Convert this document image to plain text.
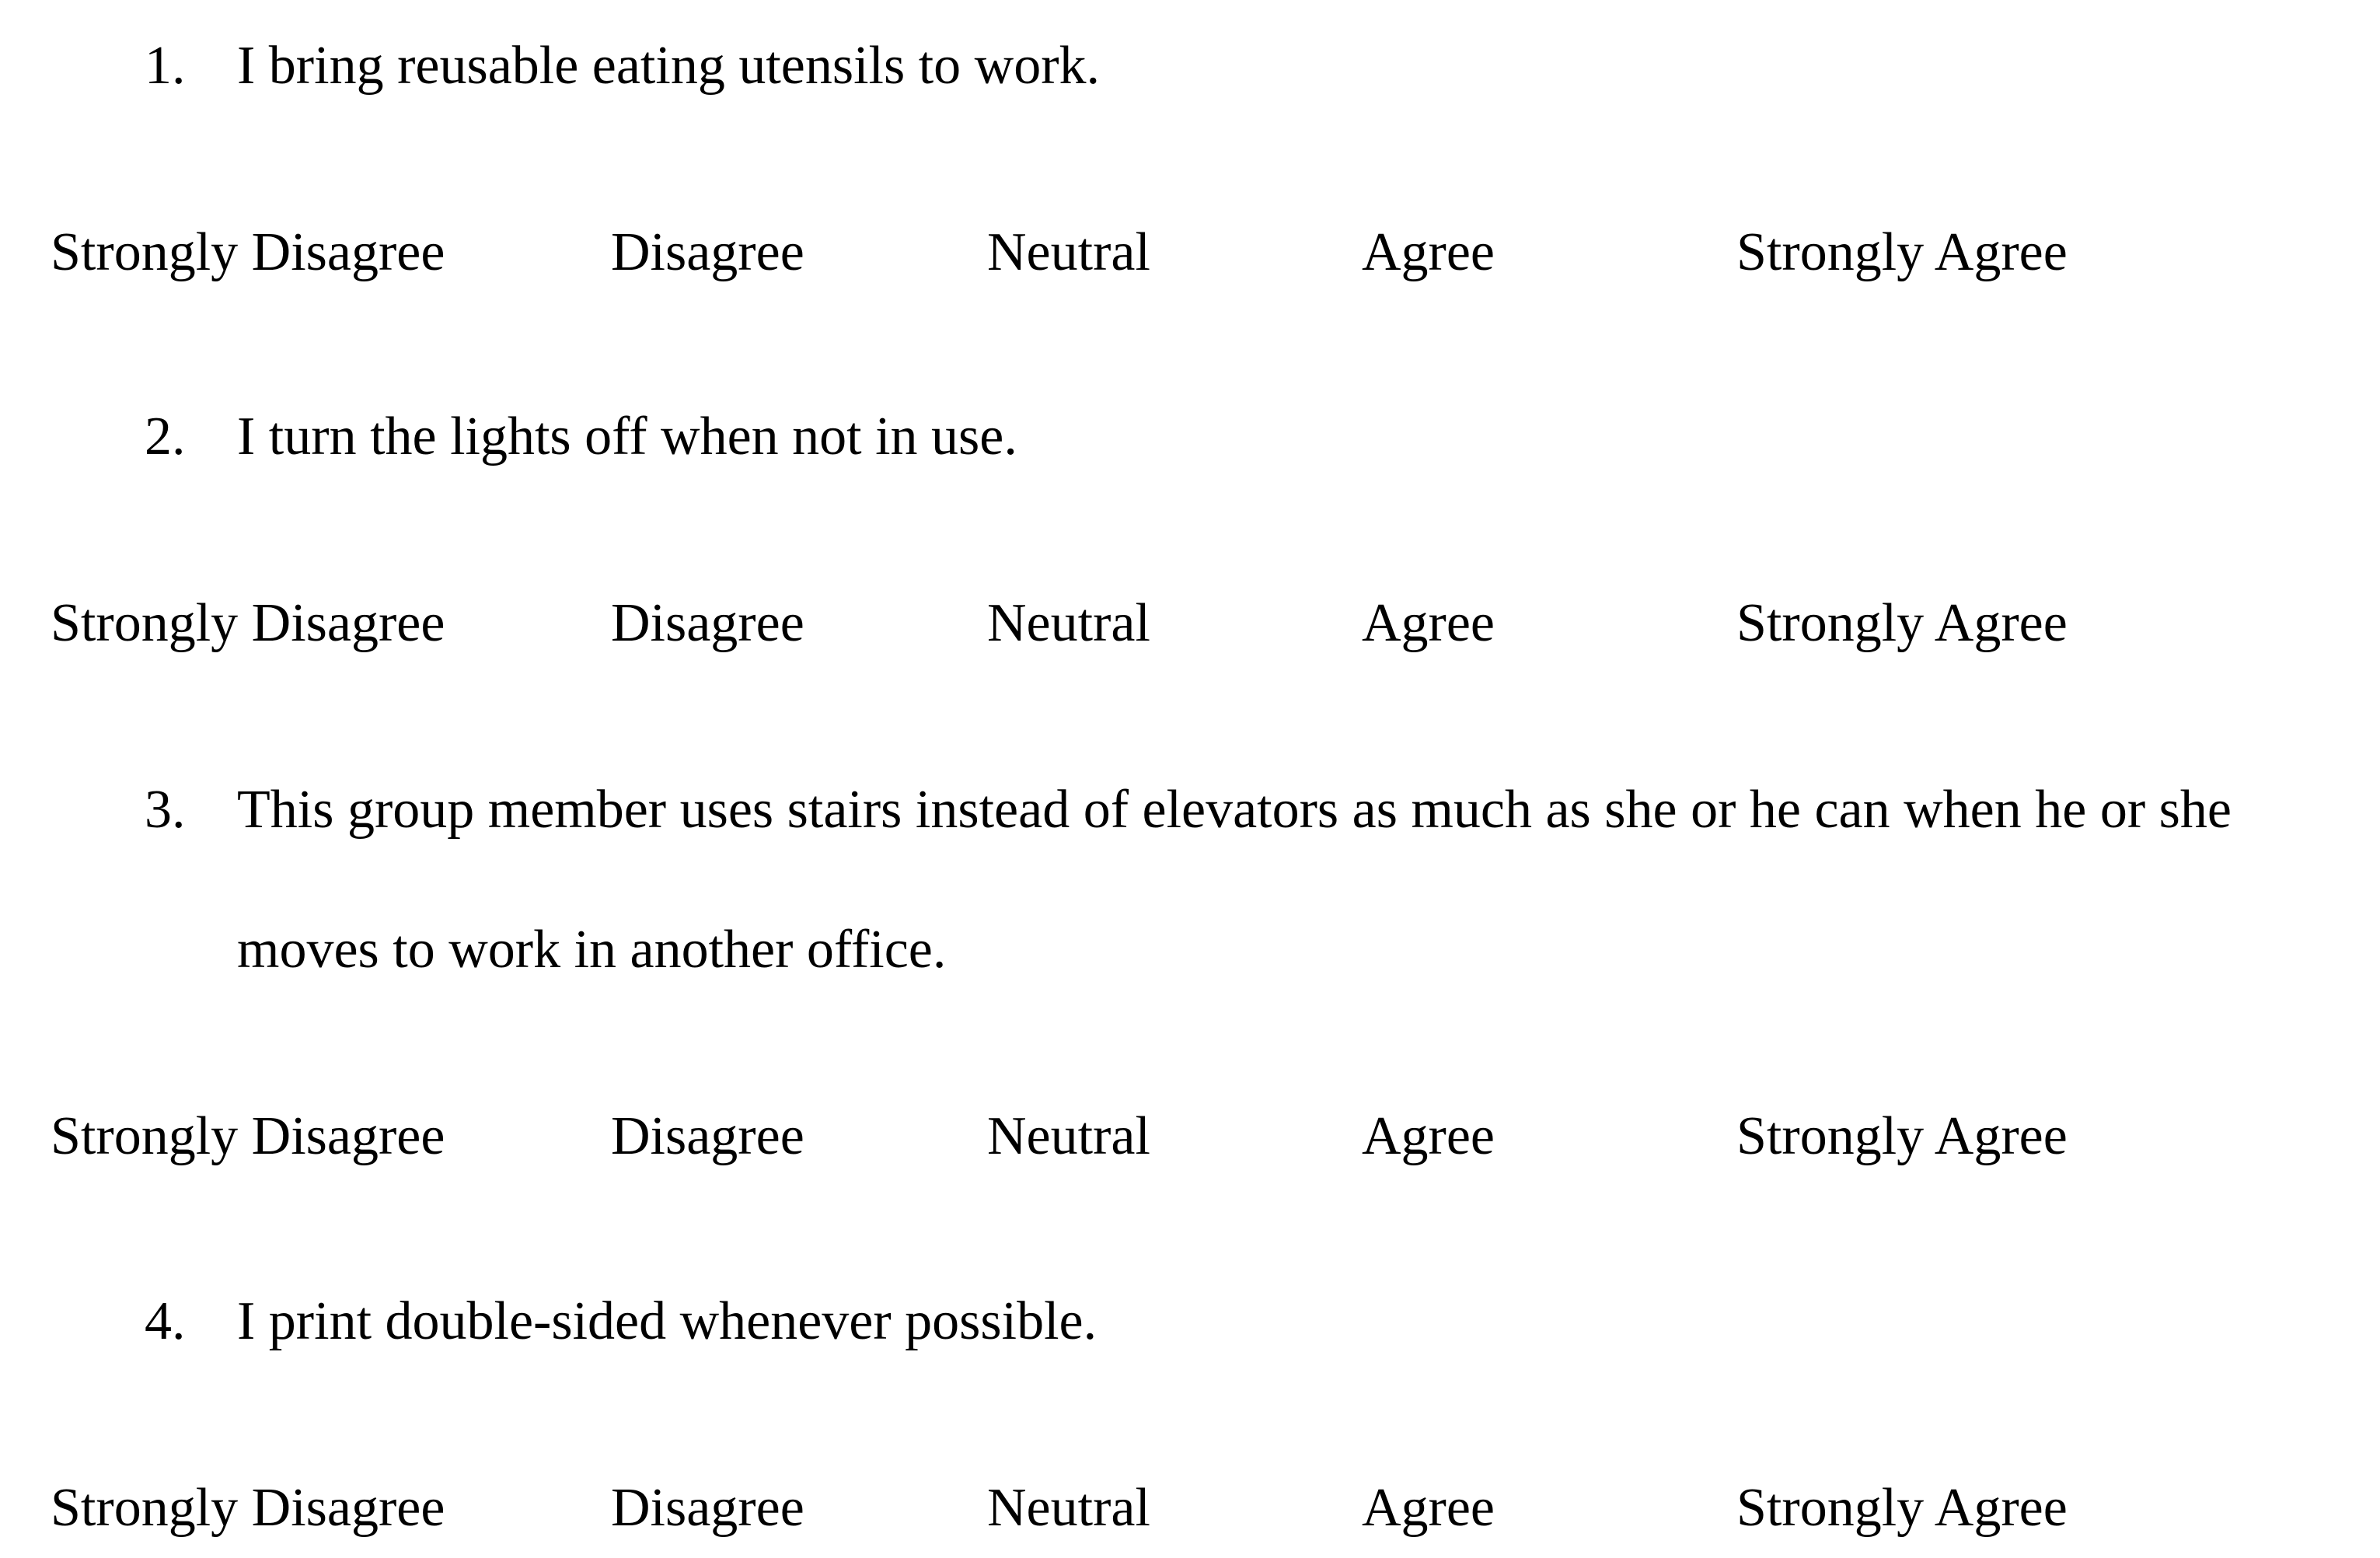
1. I bring reusable eating utensils to work.
Strongly Disagree	Disagree	Neutral	Agree	Strongly Agree
2. I turn the lights off when not in use.
Strongly Disagree	Disagree	Neutral	Agree	Strongly Agree
3. This group member uses stairs instead of elevators as much as she or he can when he or she moves to work in another office.
Strongly Disagree	Disagree	Neutral	Agree	Strongly Agree
4. I print double-sided whenever possible.
Strongly Disagree	Disagree	Neutral	Agree	Strongly Agree
